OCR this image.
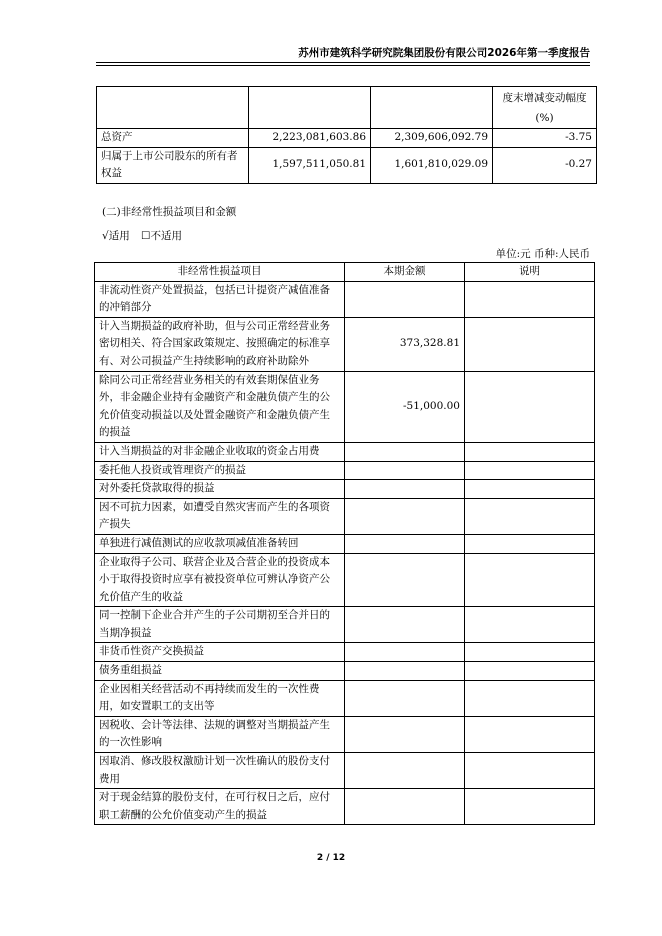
苏州市建筑科学研究院集团股份有限公司2026年第一季度报告
			度末增减变动幅度(%)
总资产	2,223,081,603.86	2,309,606,092.79	-3.75
归属于上市公司股东的所有者权益	1,597,511,050.81	1,601,810,029.09	-0.27
(二)非经常性损益项目和金额
√适用 ☐不适用
单位:元 币种:人民币
非经常性损益项目	本期金额	说明
非流动性资产处置损益，包括已计提资产减值准备的冲销部分		
计入当期损益的政府补助，但与公司正常经营业务密切相关、符合国家政策规定、按照确定的标准享有、对公司损益产生持续影响的政府补助除外	373,328.81	
除同公司正常经营业务相关的有效套期保值业务外，非金融企业持有金融资产和金融负债产生的公允价值变动损益以及处置金融资产和金融负债产生的损益	-51,000.00	
计入当期损益的对非金融企业收取的资金占用费		
委托他人投资或管理资产的损益		
对外委托贷款取得的损益		
因不可抗力因素，如遭受自然灾害而产生的各项资产损失		
单独进行减值测试的应收款项减值准备转回		
企业取得子公司、联营企业及合营企业的投资成本小于取得投资时应享有被投资单位可辨认净资产公允价值产生的收益		
同一控制下企业合并产生的子公司期初至合并日的当期净损益		
非货币性资产交换损益		
债务重组损益		
企业因相关经营活动不再持续而发生的一次性费用，如安置职工的支出等		
因税收、会计等法律、法规的调整对当期损益产生的一次性影响		
因取消、修改股权激励计划一次性确认的股份支付费用		
对于现金结算的股份支付，在可行权日之后，应付职工薪酬的公允价值变动产生的损益		
2 / 12
